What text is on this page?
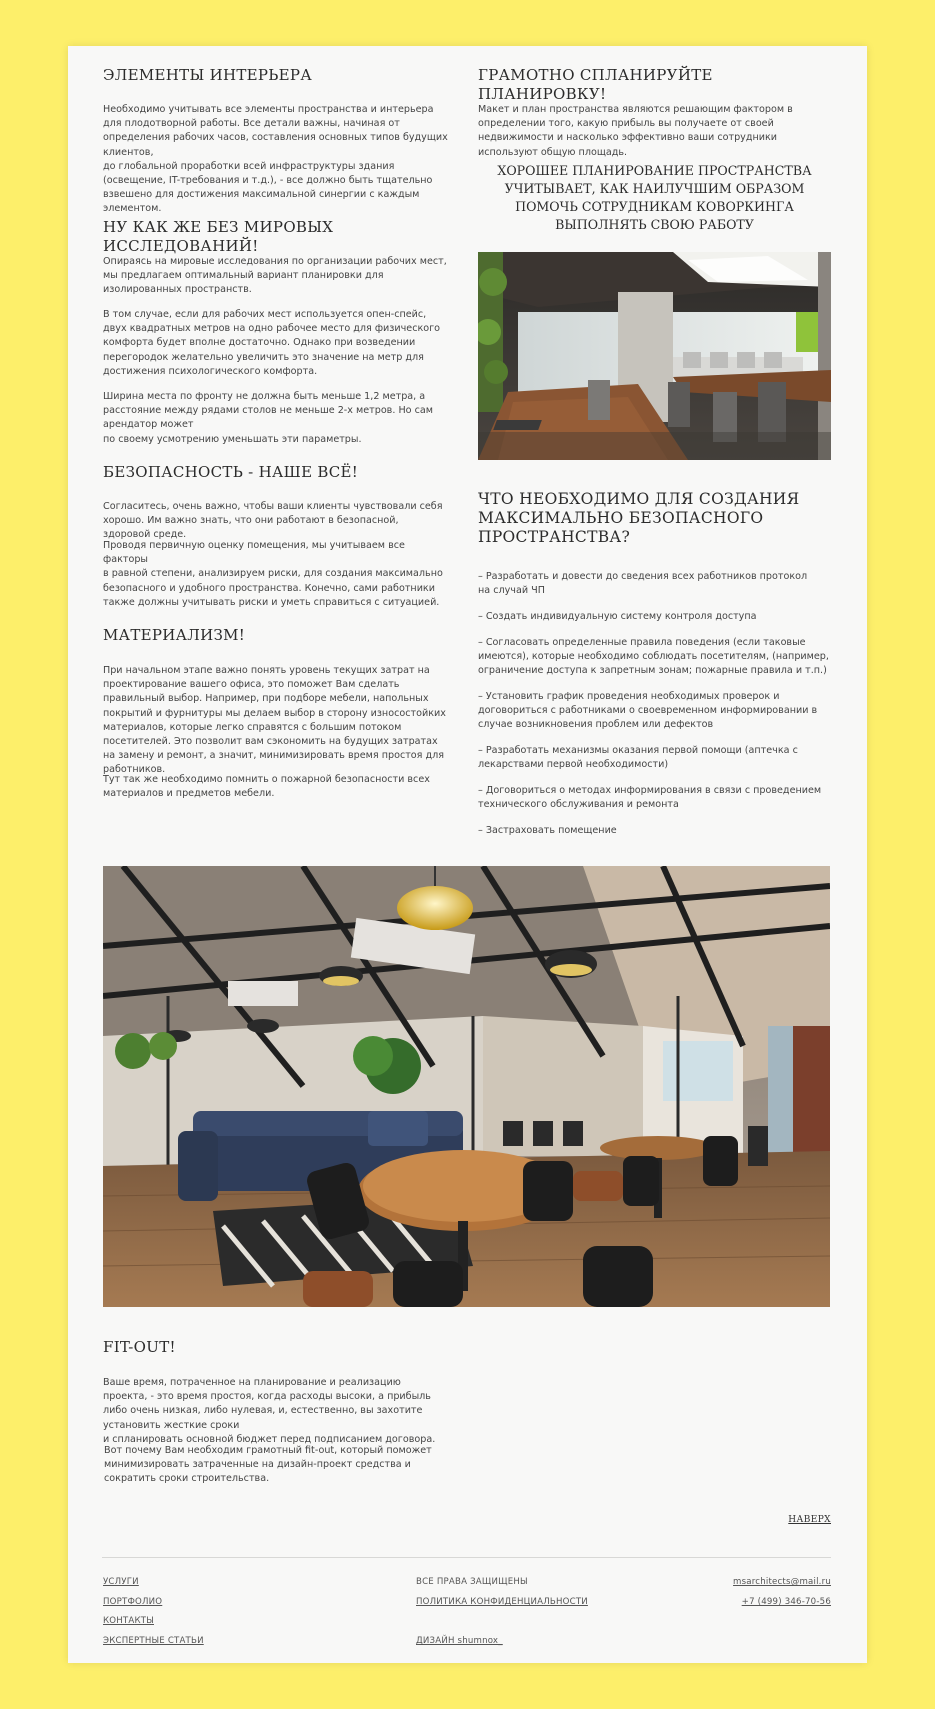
ЭЛЕМЕНТЫ ИНТЕРЬЕРА

Необходимо учитывать все элементы пространства и интерьера
для плодотворной работы. Все детали важны, начиная от определения рабочих часов, составления основных типов будущих клиентов,
до глобальной проработки всей инфраструктуры здания (освещение, IT-требования и т.д.), - все должно быть тщательно взвешено для достижения максимальной синергии с каждым элементом.

НУ КАК ЖЕ БЕЗ МИРОВЫХ ИССЛЕДОВАНИЙ!

Опираясь на мировые исследования по организации рабочих мест,
мы предлагаем оптимальный вариант планировки для изолированных пространств.

В том случае, если для рабочих мест используется опен-спейс, двух квадратных метров на одно рабочее место для физического комфорта будет вполне достаточно. Однако при возведении перегородок желательно увеличить это значение на метр для достижения психологического комфорта.

Ширина места по фронту не должна быть меньше 1,2 метра, а расстояние между рядами столов не меньше 2-х метров. Но сам арендатор может
по своему усмотрению уменьшать эти параметры.

БЕЗОПАСНОСТЬ - НАШЕ ВСЁ!

Согласитесь, очень важно, чтобы ваши клиенты чувствовали себя хорошо. Им важно знать, что они работают в безопасной, здоровой среде.

Проводя первичную оценку помещения, мы учитываем все факторы
в равной степени, анализируем риски, для создания максимально безопасного и удобного пространства. Конечно, сами работники также должны учитывать риски и уметь справиться с ситуацией.

МАТЕРИАЛИЗМ!

При начальном этапе важно понять уровень текущих затрат на проектирование вашего офиса, это поможет Вам сделать правильный выбор. Например, при подборе мебели, напольных покрытий и фурнитуры мы делаем выбор в сторону износостойких материалов, которые легко справятся с большим потоком посетителей. Это позволит вам сэкономить на будущих затратах на замену и ремонт, а значит, минимизировать время простоя для работников.

Тут так же необходимо помнить о пожарной безопасности всех материалов и предметов мебели.

ГРАМОТНО СПЛАНИРУЙТЕ ПЛАНИРОВКУ!

Макет и план пространства являются решающим фактором в определении того, какую прибыль вы получаете от своей недвижимости и насколько эффективно ваши сотрудники используют общую площадь.

ХОРОШЕЕ ПЛАНИРОВАНИЕ ПРОСТРАНСТВА
УЧИТЫВАЕТ, КАК НАИЛУЧШИМ ОБРАЗОМ
ПОМОЧЬ СОТРУДНИКАМ КОВОРКИНГА
ВЫПОЛНЯТЬ СВОЮ РАБОТУ

ЧТО НЕОБХОДИМО ДЛЯ СОЗДАНИЯ МАКСИМАЛЬНО БЕЗОПАСНОГО ПРОСТРАНСТВА?

– Разработать и довести до сведения всех работников протокол
на случай ЧП

– Создать индивидуальную систему контроля доступа

– Согласовать определенные правила поведения (если таковые имеются), которые необходимо соблюдать посетителям, (например, ограничение доступа к запретным зонам; пожарные правила и т.п.)

– Установить график проведения необходимых проверок и договориться с работниками о своевременном информировании в случае возникновения проблем или дефектов

– Разработать механизмы оказания первой помощи (аптечка с лекарствами первой необходимости)

– Договориться о методах информирования в связи с проведением технического обслуживания и ремонта

– Застраховать помещение

FIT-OUT!

Ваше время, потраченное на планирование и реализацию проекта, - это время простоя, когда расходы высоки, а прибыль либо очень низкая, либо нулевая, и, естественно, вы захотите установить жесткие сроки
и спланировать основной бюджет перед подписанием договора.

Вот почему Вам необходим грамотный fit-out, который поможет минимизировать затраченные на дизайн-проект средства и сократить сроки строительства.

НАВЕРХ
УСЛУГИ
ПОРТФОЛИО
КОНТАКТЫ
ЭКСПЕРТНЫЕ СТАТЬИ
ВСЕ ПРАВА ЗАЩИЩЕНЫ
ПОЛИТИКА КОНФИДЕНЦИАЛЬНОСТИ
ДИЗАЙН shumnox_
msarchitects@mail.ru
+7 (499) 346-70-56
